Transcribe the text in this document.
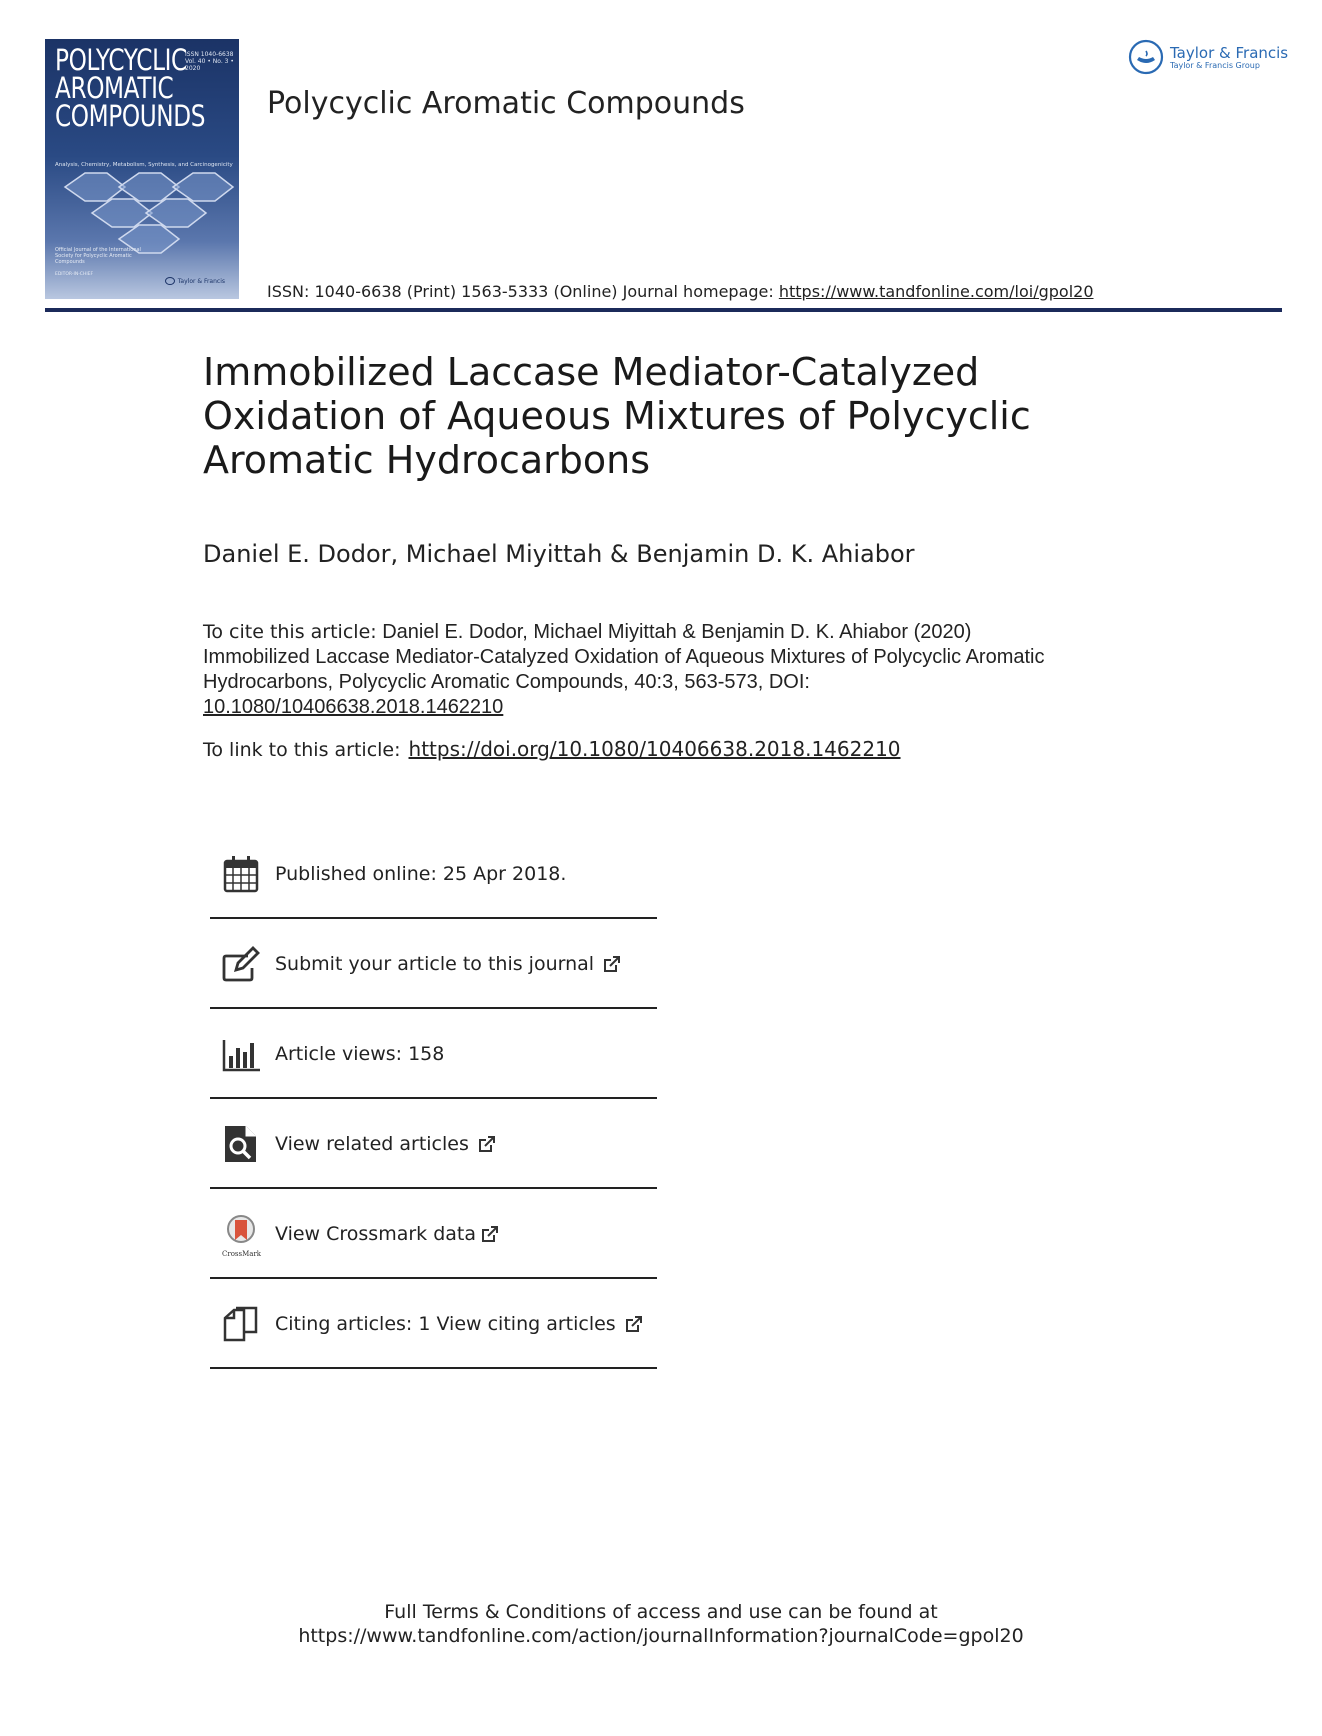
POLYCYCLIC
AROMATIC
COMPOUNDS
ISSN 1040-6638 Vol. 40 • No. 3 • 2020
Analysis, Chemistry, Metabolism, Synthesis, and Carcinogenicity
Official Journal of the International Society for Polycyclic Aromatic Compounds
EDITOR-IN-CHIEF
Taylor & Francis
Polycyclic Aromatic Compounds
ISSN: 1040-6638 (Print) 1563-5333 (Online) Journal homepage: https://www.tandfonline.com/loi/gpol20
Taylor & Francis
Taylor & Francis Group
Immobilized Laccase Mediator-Catalyzed Oxidation of Aqueous Mixtures of Polycyclic Aromatic Hydrocarbons
Daniel E. Dodor, Michael Miyittah & Benjamin D. K. Ahiabor
To cite this article: Daniel E. Dodor, Michael Miyittah & Benjamin D. K. Ahiabor (2020) Immobilized Laccase Mediator-Catalyzed Oxidation of Aqueous Mixtures of Polycyclic Aromatic Hydrocarbons, Polycyclic Aromatic Compounds, 40:3, 563-573, DOI: 10.1080/10406638.2018.1462210
To link to this article: https://doi.org/10.1080/10406638.2018.1462210
Published online: 25 Apr 2018.
Submit your article to this journal
Article views: 158
View related articles
CrossMark
View Crossmark data
Citing articles: 1 View citing articles
Full Terms & Conditions of access and use can be found at
https://www.tandfonline.com/action/journalInformation?journalCode=gpol20
